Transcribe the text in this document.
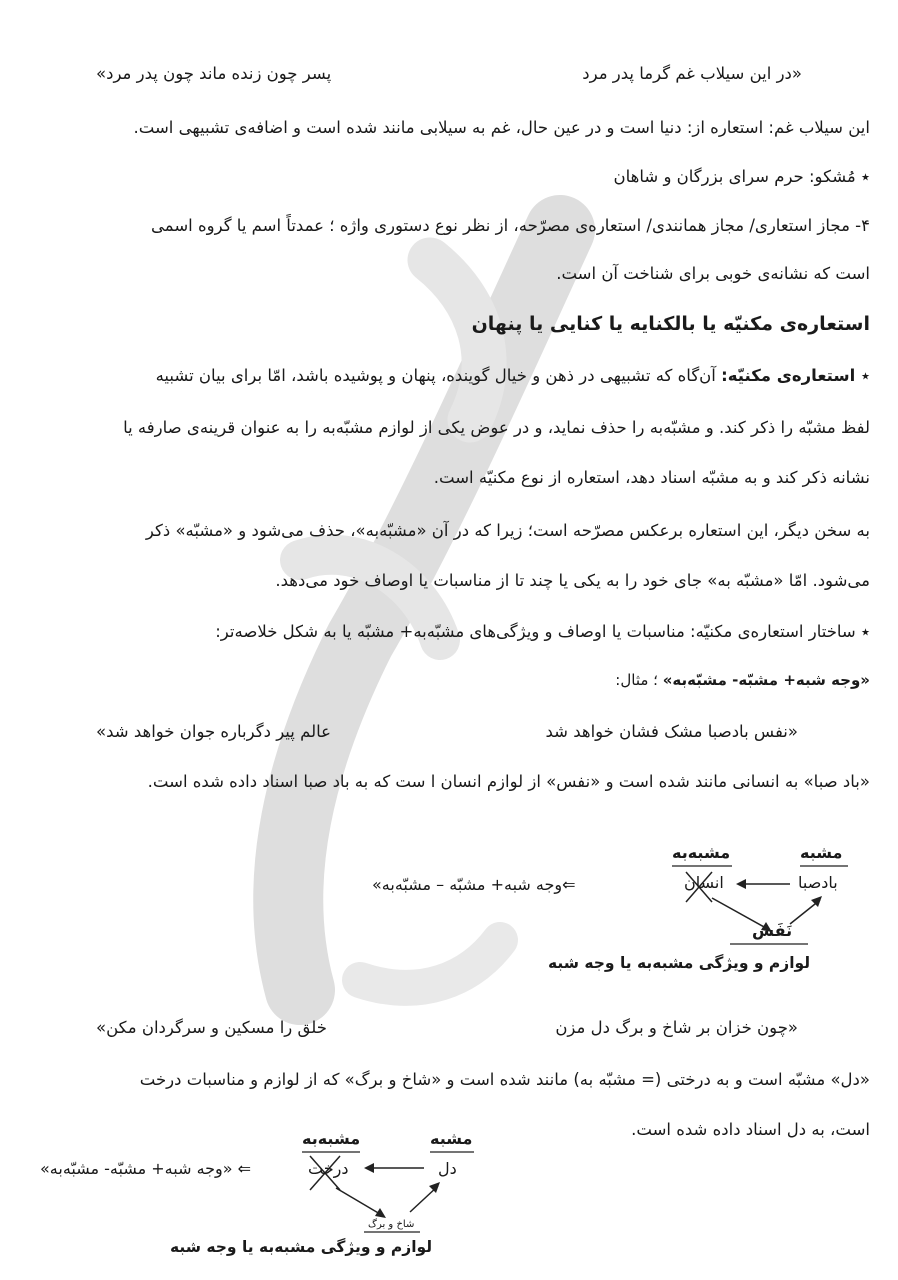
«در این سیلاب غم گرما پدر مرد
پسر چون زنده ماند چون پدر مرد»
این سیلاب غم: استعاره از: دنیا است و در عین حال، غم به سیلابی مانند شده است و اضافه‌ی تشبیهی است.
٭ مُشکو: حرم سرای بزرگان و شاهان
۴- مجاز استعاری/ مجاز همانندی/ استعاره‌ی مصرّحه، از نظر نوع دستوری واژه ؛ عمدتاً اسم یا گروه اسمی
است که نشانه‌ی خوبی برای شناخت آن است.
استعاره‌ی مکنیّه یا بالکنایه یا کنایی یا پنهان
٭ استعاره‌ی مکنیّه: آن‌گاه که تشبیهی در ذهن و خیال گوینده، پنهان و پوشیده باشد، امّا برای بیان تشبیه
لفظ مشبّه را ذکر کند. و مشبّه‌به را حذف نماید، و در عوض یکی از لوازم مشبّه‌به را به عنوان قرینه‌ی صارفه یا
نشانه ذکر کند و به مشبّه اسناد دهد، استعاره از نوع مکنیّه است.
به سخن دیگر، این استعاره برعکس مصرّحه است؛ زیرا که در آن «مشبّه‌به»، حذف می‌شود و «مشبّه» ذکر
می‌شود. امّا «مشبّه به» جای خود را به یکی یا چند تا از مناسبات یا اوصاف خود می‌دهد.
٭ ساختار استعاره‌ی مکنیّه: مناسبات یا اوصاف و ویژگی‌های مشبّه‌به+ مشبّه یا به شکل خلاصه‌تر:
«وجه شبه+ مشبّه- مشبّه‌به» ؛ مثال:
«نفس بادصبا مشک فشان خواهد شد
عالم پیر دگرباره جوان خواهد شد»
«باد صبا» به انسانی مانند شده است و «نفس» از لوازم انسان ا ست که به باد صبا اسناد داده شده است.
مشبه
مشبه‌به
بادصبا
انسان
نَفَس
⇐وجه شبه+ مشبّه – مشبّه‌به»
لوازم و ویژگی مشبه‌به یا وجه شبه
«چون خزان بر شاخ و برگ دل مزن
خلق را مسکین و سرگردان مکن»
«دل» مشبّه است و به درختی (= مشبّه به) مانند شده است و «شاخ و برگ» که از لوازم و مناسبات درخت
است، به دل اسناد داده شده است.
مشبه
مشبه‌به
دل
درخت
شاخ و برگ
⇐ «وجه شبه+ مشبّه- مشبّه‌به»
لوازم و ویژگی مشبه‌به یا وجه شبه
